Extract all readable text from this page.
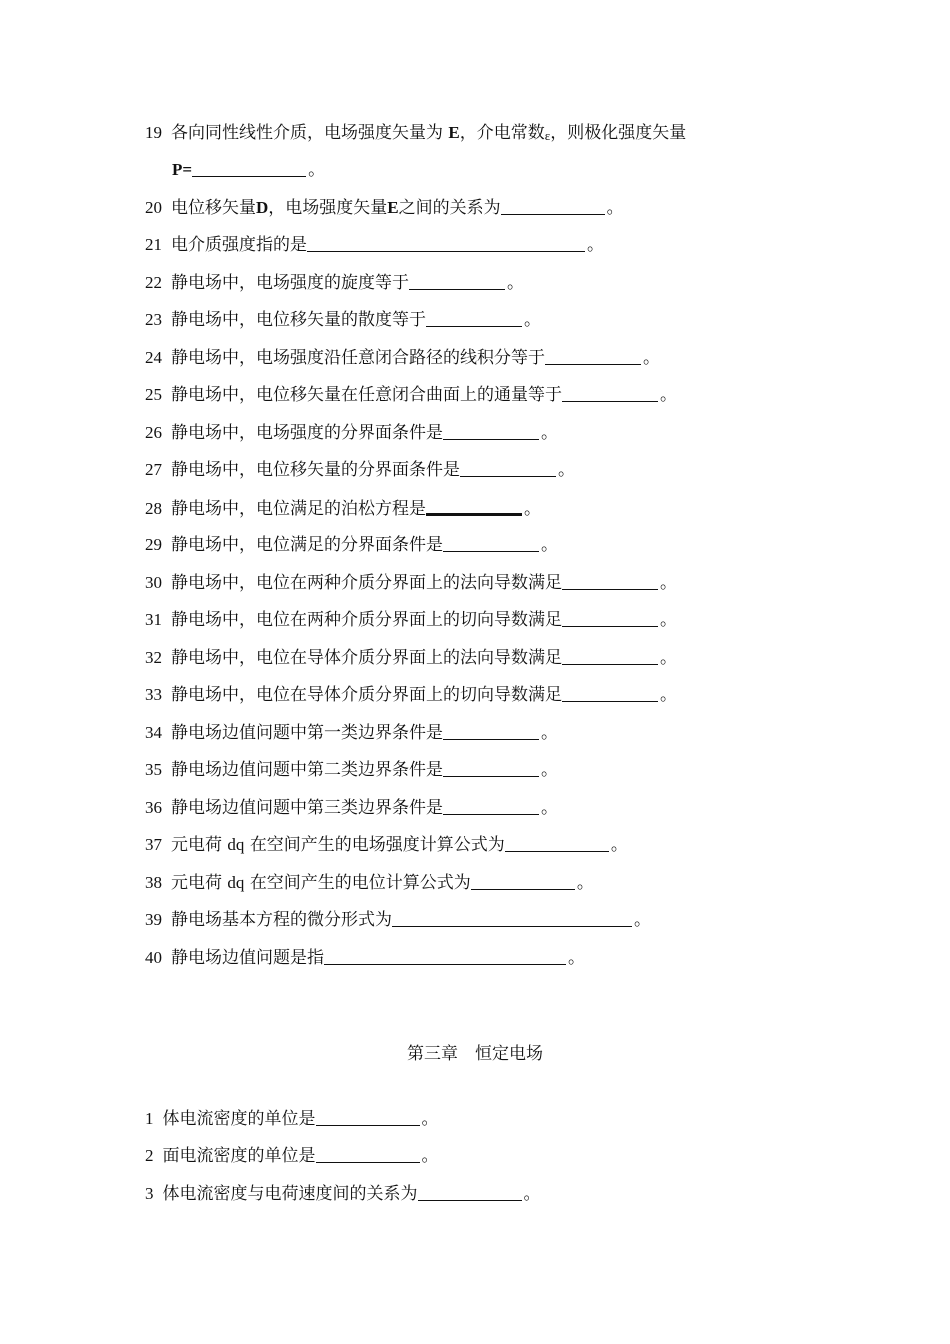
19 各向同性线性介质，电场强度矢量为 E，介电常数ε，则极化强度矢量
P=	。
20 电位移矢量D，电场强度矢量E之间的关系为	。
21 电介质强度指的是	。
22 静电场中，电场强度的旋度等于	。
23 静电场中，电位移矢量的散度等于	。
24 静电场中，电场强度沿任意闭合路径的线积分等于	。
25 静电场中，电位移矢量在任意闭合曲面上的通量等于	。
26 静电场中，电场强度的分界面条件是	。
27 静电场中，电位移矢量的分界面条件是	。
28 静电场中，电位满足的泊松方程是	。
29 静电场中，电位满足的分界面条件是	。
30 静电场中，电位在两种介质分界面上的法向导数满足	。
31 静电场中，电位在两种介质分界面上的切向导数满足	。
32 静电场中，电位在导体介质分界面上的法向导数满足	。
33 静电场中，电位在导体介质分界面上的切向导数满足	。
34 静电场边值问题中第一类边界条件是	。
35 静电场边值问题中第二类边界条件是	。
36 静电场边值问题中第三类边界条件是	。
37 元电荷 dq 在空间产生的电场强度计算公式为	。
38 元电荷 dq 在空间产生的电位计算公式为	。
39 静电场基本方程的微分形式为	。
40 静电场边值问题是指	。
第三章　恒定电场
1 体电流密度的单位是	。
2 面电流密度的单位是	。
3 体电流密度与电荷速度间的关系为	。
